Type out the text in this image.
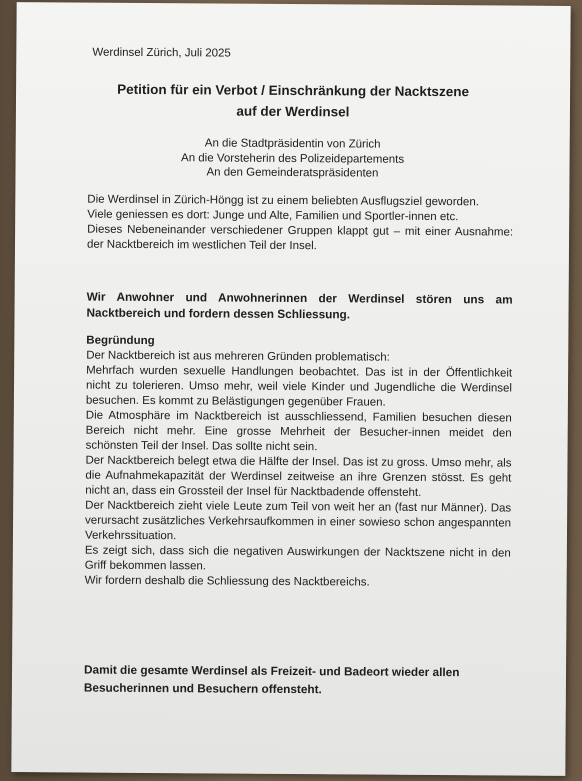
Werdinsel Zürich, Juli 2025
Petition für ein Verbot / Einschränkung der Nacktszene
auf der Werdinsel
An die Stadtpräsidentin von Zürich
An die Vorsteherin des Polizeidepartements
An den Gemeinderatspräsidenten
Die Werdinsel in Zürich-Höngg ist zu einem beliebten Ausflugsziel geworden.
Viele geniessen es dort: Junge und Alte, Familien und Sportler-innen etc.
Dieses Nebeneinander verschiedener Gruppen klappt gut – mit einer Ausnahme: der Nacktbereich im westlichen Teil der Insel.
Wir Anwohner und Anwohnerinnen der Werdinsel stören uns am Nacktbereich und fordern dessen Schliessung.
Begründung
Der Nacktbereich ist aus mehreren Gründen problematisch:
Mehrfach wurden sexuelle Handlungen beobachtet. Das ist in der Öffentlichkeit nicht zu tolerieren. Umso mehr, weil viele Kinder und Jugendliche die Werdinsel besuchen. Es kommt zu Belästigungen gegenüber Frauen.
Die Atmosphäre im Nacktbereich ist ausschliessend, Familien besuchen diesen Bereich nicht mehr. Eine grosse Mehrheit der Besucher-innen meidet den schönsten Teil der Insel. Das sollte nicht sein.
Der Nacktbereich belegt etwa die Hälfte der Insel. Das ist zu gross. Umso mehr, als die Aufnahmekapazität der Werdinsel zeitweise an ihre Grenzen stösst. Es geht nicht an, dass ein Grossteil der Insel für Nacktbadende offensteht.
Der Nacktbereich zieht viele Leute zum Teil von weit her an (fast nur Männer). Das verursacht zusätzliches Verkehrsaufkommen in einer sowieso schon angespannten Verkehrssituation.
Es zeigt sich, dass sich die negativen Auswirkungen der Nacktszene nicht in den Griff bekommen lassen.
Wir fordern deshalb die Schliessung des Nacktbereichs.
Damit die gesamte Werdinsel als Freizeit- und Badeort wieder allen Besucherinnen und Besuchern offensteht.
